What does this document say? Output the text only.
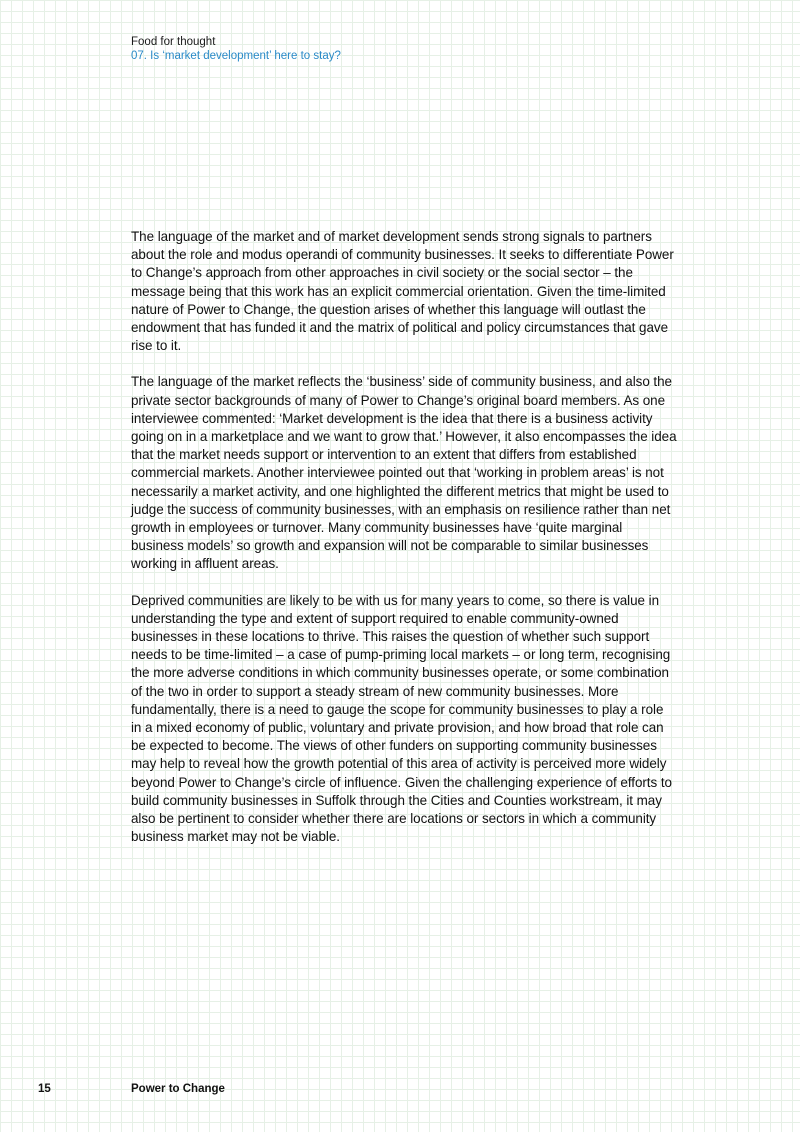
Food for thought
07. Is ‘market development’ here to stay?

The language of the market and of market development sends strong signals to partners about the role and modus operandi of community businesses. It seeks to differentiate Power to Change’s approach from other approaches in civil society or the social sector – the message being that this work has an explicit commercial orientation. Given the time-limited nature of Power to Change, the question arises of whether this language will outlast the endowment that has funded it and the matrix of political and policy circumstances that gave rise to it.

The language of the market reflects the ‘business’ side of community business, and also the private sector backgrounds of many of Power to Change’s original board members. As one interviewee commented: ‘Market development is the idea that there is a business activity going on in a marketplace and we want to grow that.’ However, it also encompasses the idea that the market needs support or intervention to an extent that differs from established commercial markets. Another interviewee pointed out that ‘working in problem areas’ is not necessarily a market activity, and one highlighted the different metrics that might be used to judge the success of community businesses, with an emphasis on resilience rather than net growth in employees or turnover. Many community businesses have ‘quite marginal business models’ so growth and expansion will not be comparable to similar businesses working in affluent areas.

Deprived communities are likely to be with us for many years to come, so there is value in understanding the type and extent of support required to enable community-owned businesses in these locations to thrive. This raises the question of whether such support needs to be time-limited – a case of pump-priming local markets – or long term, recognising the more adverse conditions in which community businesses operate, or some combination of the two in order to support a steady stream of new community businesses. More fundamentally, there is a need to gauge the scope for community businesses to play a role in a mixed economy of public, voluntary and private provision, and how broad that role can be expected to become. The views of other funders on supporting community businesses may help to reveal how the growth potential of this area of activity is perceived more widely beyond Power to Change’s circle of influence. Given the challenging experience of efforts to build community businesses in Suffolk through the Cities and Counties workstream, it may also be pertinent to consider whether there are locations or sectors in which a community business market may not be viable.

15	Power to Change
